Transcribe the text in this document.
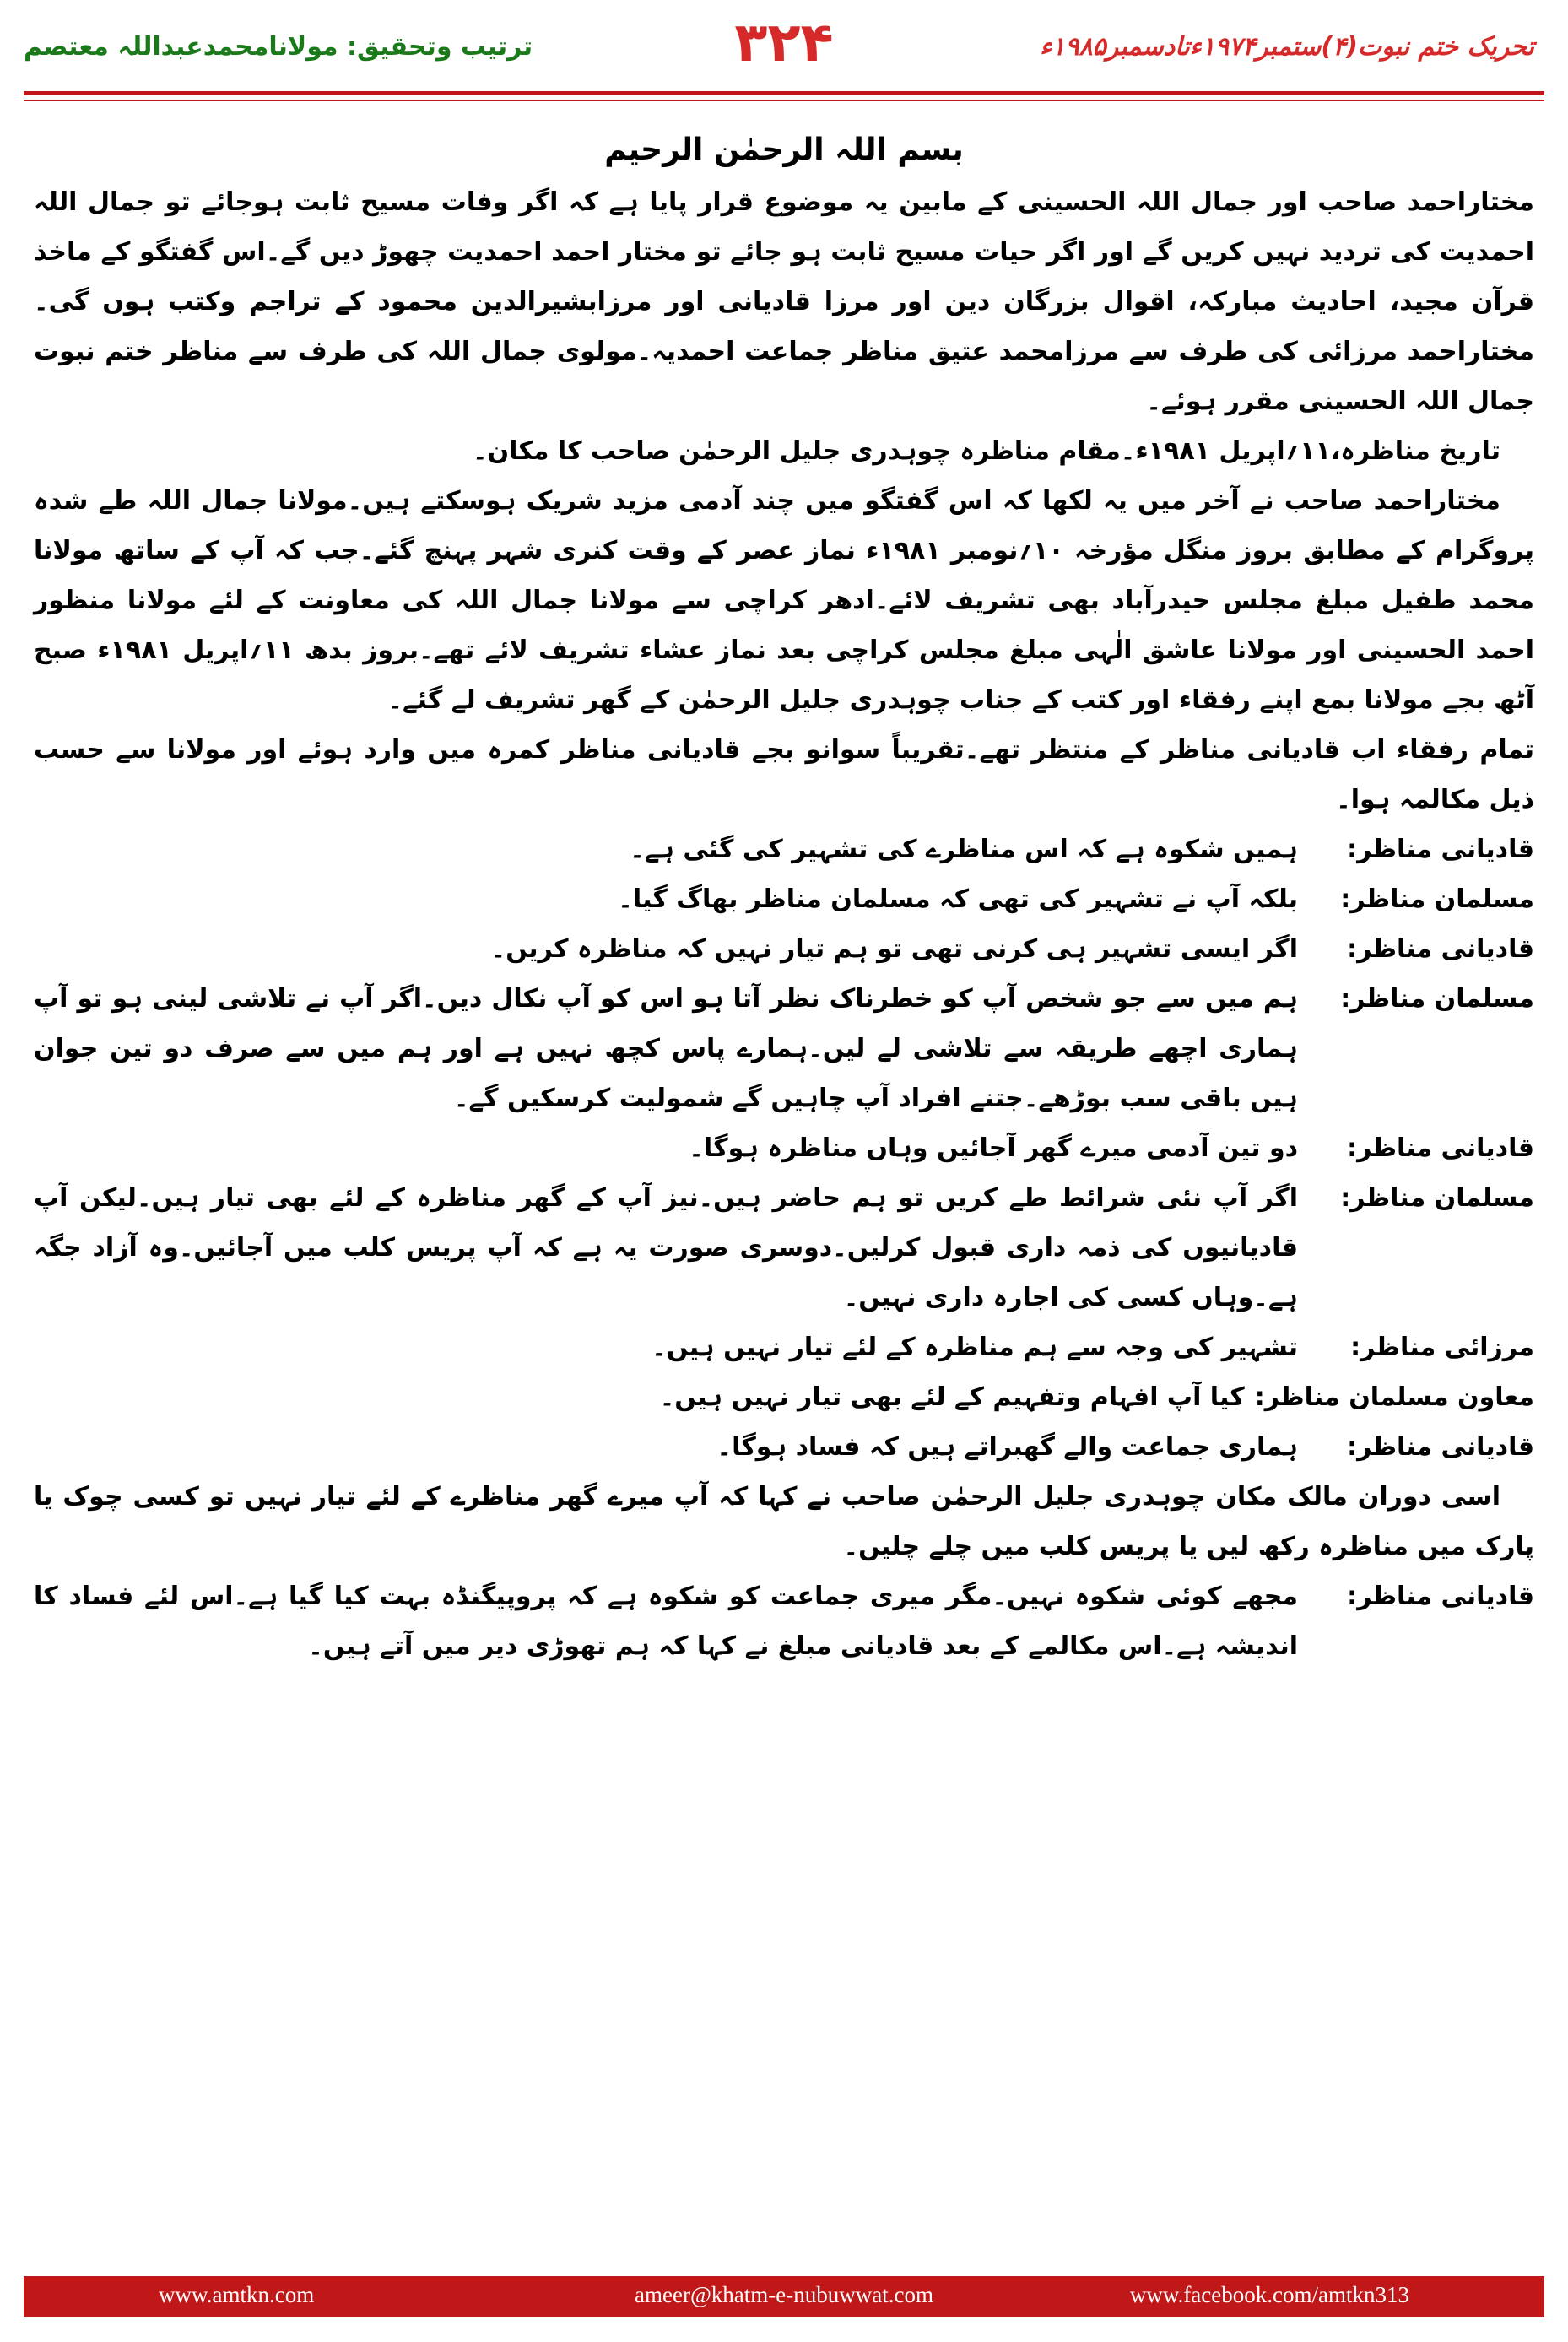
تحریک ختم نبوت(۴)ستمبر۱۹۷۴ءتادسمبر۱۹۸۵ء
۳۲۴
ترتیب وتحقیق: مولانامحمدعبداللہ معتصم
بسم اللہ الرحمٰن الرحیم

مختاراحمد صاحب اور جمال اللہ الحسینی کے مابین یہ موضوع قرار پایا ہے کہ اگر وفات مسیح ثابت ہوجائے تو جمال اللہ احمدیت کی تردید نہیں کریں گے اور اگر حیات مسیح ثابت ہو جائے تو مختار احمد احمدیت چھوڑ دیں گے۔اس گفتگو کے ماخذ قرآن مجید، احادیث مبارکہ، اقوال بزرگان دین اور مرزا قادیانی اور مرزابشیرالدین محمود کے تراجم وکتب ہوں گی۔مختاراحمد مرزائی کی طرف سے مرزامحمد عتیق مناظر جماعت احمدیہ۔مولوی جمال اللہ کی طرف سے مناظر ختم نبوت جمال اللہ الحسینی مقرر ہوئے۔

تاریخ مناظرہ،۱۱؍اپریل ۱۹۸۱ء۔مقام مناظرہ چوہدری جلیل الرحمٰن صاحب کا مکان۔

مختاراحمد صاحب نے آخر میں یہ لکھا کہ اس گفتگو میں چند آدمی مزید شریک ہوسکتے ہیں۔مولانا جمال اللہ طے شدہ پروگرام کے مطابق بروز منگل مؤرخہ ۱۰؍نومبر ۱۹۸۱ء نماز عصر کے وقت کنری شہر پہنچ گئے۔جب کہ آپ کے ساتھ مولانا محمد طفیل مبلغ مجلس حیدرآباد بھی تشریف لائے۔ادھر کراچی سے مولانا جمال اللہ کی معاونت کے لئے مولانا منظور احمد الحسینی اور مولانا عاشق الٰہی مبلغ مجلس کراچی بعد نماز عشاء تشریف لائے تھے۔بروز بدھ ۱۱؍اپریل ۱۹۸۱ء صبح آٹھ بجے مولانا بمع اپنے رفقاء اور کتب کے جناب چوہدری جلیل الرحمٰن کے گھر تشریف لے گئے۔

تمام رفقاء اب قادیانی مناظر کے منتظر تھے۔تقریباً سوانو بجے قادیانی مناظر کمرہ میں وارد ہوئے اور مولانا سے حسب ذیل مکالمہ ہوا۔

قادیانی مناظر:
ہمیں شکوہ ہے کہ اس مناظرے کی تشہیر کی گئی ہے۔
مسلمان مناظر:
بلکہ آپ نے تشہیر کی تھی کہ مسلمان مناظر بھاگ گیا۔
قادیانی مناظر:
اگر ایسی تشہیر ہی کرنی تھی تو ہم تیار نہیں کہ مناظرہ کریں۔
مسلمان مناظر:
ہم میں سے جو شخص آپ کو خطرناک نظر آتا ہو اس کو آپ نکال دیں۔اگر آپ نے تلاشی لینی ہو تو آپ ہماری اچھے طریقہ سے تلاشی لے لیں۔ہمارے پاس کچھ نہیں ہے اور ہم میں سے صرف دو تین جوان ہیں باقی سب بوڑھے۔جتنے افراد آپ چاہیں گے شمولیت کرسکیں گے۔
قادیانی مناظر:
دو تین آدمی میرے گھر آجائیں وہاں مناظرہ ہوگا۔
مسلمان مناظر:
اگر آپ نئی شرائط طے کریں تو ہم حاضر ہیں۔نیز آپ کے گھر مناظرہ کے لئے بھی تیار ہیں۔لیکن آپ قادیانیوں کی ذمہ داری قبول کرلیں۔دوسری صورت یہ ہے کہ آپ پریس کلب میں آجائیں۔وہ آزاد جگہ ہے۔وہاں کسی کی اجارہ داری نہیں۔
مرزائی مناظر:
تشہیر کی وجہ سے ہم مناظرہ کے لئے تیار نہیں ہیں۔
معاون مسلمان مناظر:
کیا آپ افہام وتفہیم کے لئے بھی تیار نہیں ہیں۔
قادیانی مناظر:
ہماری جماعت والے گھبراتے ہیں کہ فساد ہوگا۔

اسی دوران مالک مکان چوہدری جلیل الرحمٰن صاحب نے کہا کہ آپ میرے گھر مناظرے کے لئے تیار نہیں تو کسی چوک یا پارک میں مناظرہ رکھ لیں یا پریس کلب میں چلے چلیں۔

قادیانی مناظر:
مجھے کوئی شکوہ نہیں۔مگر میری جماعت کو شکوہ ہے کہ پروپیگنڈہ بہت کیا گیا ہے۔اس لئے فساد کا اندیشہ ہے۔اس مکالمے کے بعد قادیانی مبلغ نے کہا کہ ہم تھوڑی دیر میں آتے ہیں۔
www.amtkn.com	ameer@khatm-e-nubuwwat.com	www.facebook.com/amtkn313
